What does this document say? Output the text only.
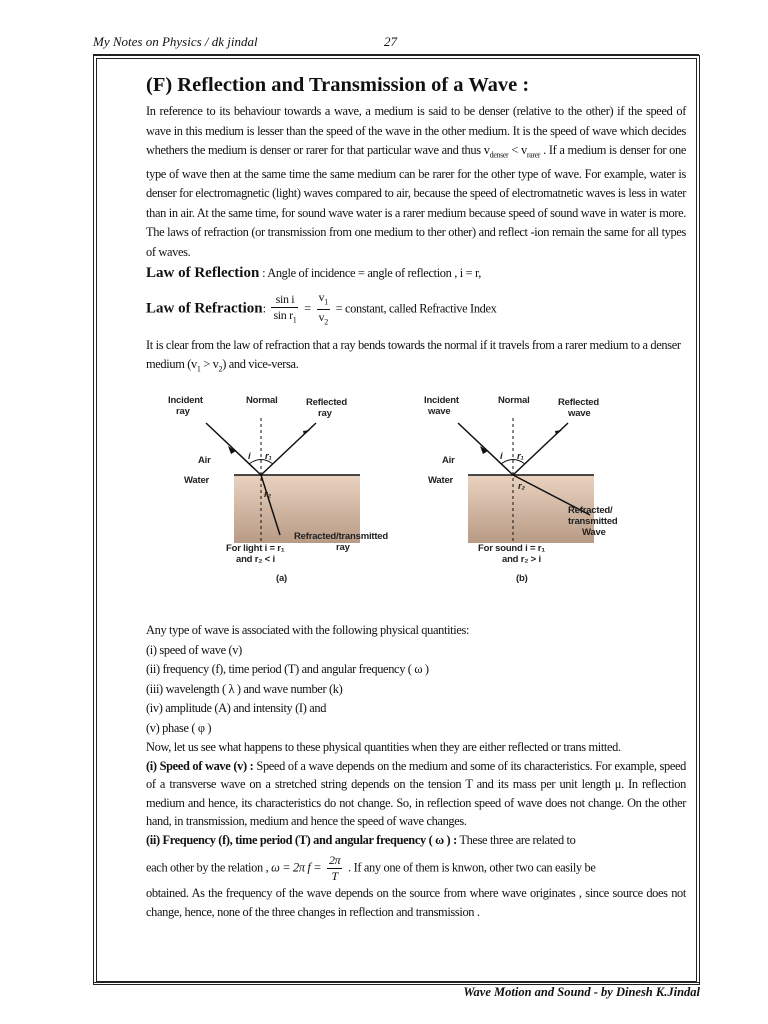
My Notes on Physics / dk jindal	27
(F) Reflection and Transmission of a Wave :

In reference to its behaviour towards a wave, a medium is said to be denser (relative to the other) if the speed of wave in this medium is lesser than the speed of the wave in the other medium. It is the speed of wave which decides whethers the medium is denser or rarer for that particular wave and thus $v_{denser} < v_{rarer}$ . If a medium is denser for one type of wave then at the same time the same medium can be rarer for the other type of wave. For example, water is denser for electromagnetic (light) waves compared to air, because the speed of electromatnetic waves is less in water than in air. At the same time, for sound wave water is a rarer medium because speed of sound wave in water is more. The laws of refraction (or transmission from one medium to ther other) and reflect -ion remain the same for all types of waves.

Law of Reflection : Angle of incidence = angle of reflection , i = r,

Law of Refraction: $\frac{\text{sin i}}{\sin r_1} = \frac{v_1}{v_2}$ = constant, called Refractive Index

It is clear from the law of refraction that a ray bends towards the normal if it travels from a rarer medium to a denser medium $(v_1 > v_2)$ and vice-versa.

Incident
ray
Normal	Reflected
ray
Air
Water
i r₁
r₂
Refracted/transmitted
ray
For light i = r₁
and r₂ < i
(a)
Incident
wave
Normal	Reflected
wave
Air
Water
i r₁
r₂
Refracted/
transmitted
Wave
For sound i = r₁
and r₂ > i
(b)

Any type of wave is associated with the following physical quantities:

(i) speed of wave (v)

(ii) frequency (f), time period (T) and angular frequency ( ω )

(iii) wavelength ( λ ) and wave number (k)

(iv) amplitude (A) and intensity (I) and

(v) phase ( φ )

Now, let us see what happens to these physical quantities when they are either reflected or trans mitted.

(i) Speed of wave (v) : Speed of a wave depends on the medium and some of its characteristics. For example, speed of a transverse wave on a stretched string depends on the tension T and its mass per unit length μ. In reflection medium and hence, its characteristics do not change. So, in reflection speed of wave does not change. On the other hand, in transmission, medium and hence the speed of wave changes.

(ii) Frequency (f), time period (T) and angular frequency ( ω ) : These three are related to

each other by the relation , ω = 2π $f = \frac{2\pi}{T}$ . If any one of them is knwon, other two can easily be

obtained. As the frequency of the wave depends on the source from where wave originates , since source does not change, hence, none of the three changes in reflection and transmission .

Wave Motion and Sound - by Dinesh K.Jindal
